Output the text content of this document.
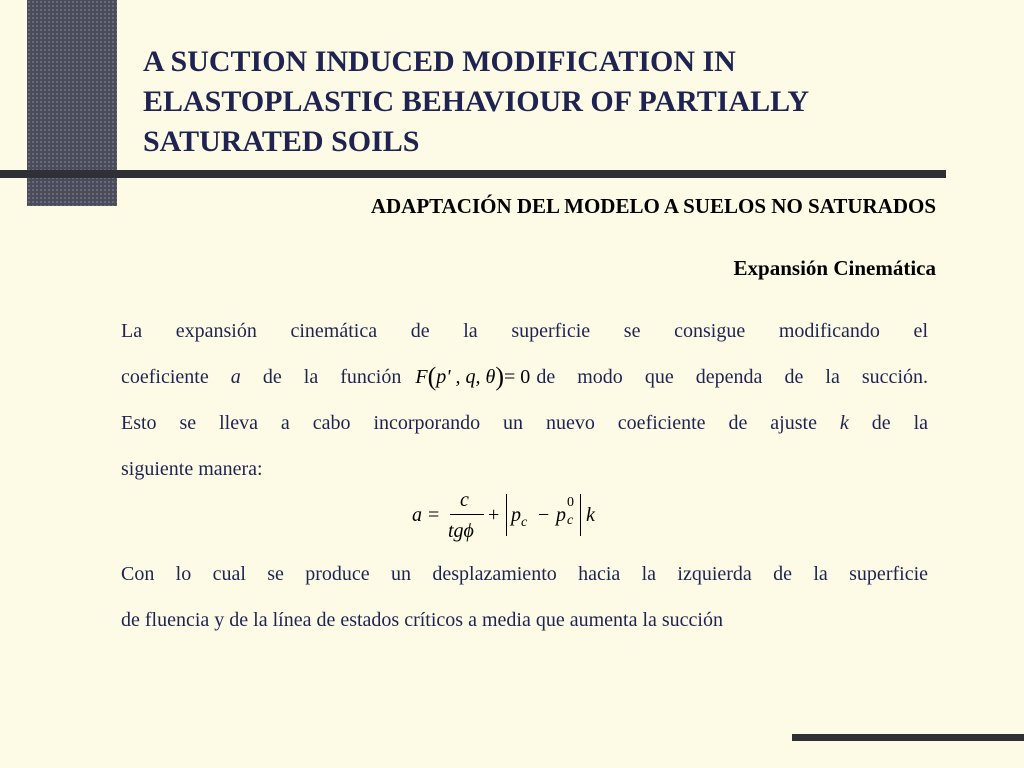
A SUCTION INDUCED MODIFICATION IN
ELASTOPLASTIC BEHAVIOUR OF PARTIALLY
SATURATED SOILS
ADAPTACIÓN DEL MODELO A SUELOS NO SATURADOS
Expansión Cinemática
La expansión cinemática de la superficie se consigue modificando el
coeficiente a de la función F(p' , q, θ)= 0 de modo que dependa de la succión.
Esto se lleva a cabo incorporando un nuevo coeficiente de ajuste k de la
siguiente manera:
a =
c
tgϕ
+ $p_c - p$
0
c k
Con lo cual se produce un desplazamiento hacia la izquierda de la superficie
de fluencia y de la línea de estados críticos a media que aumenta la succión
